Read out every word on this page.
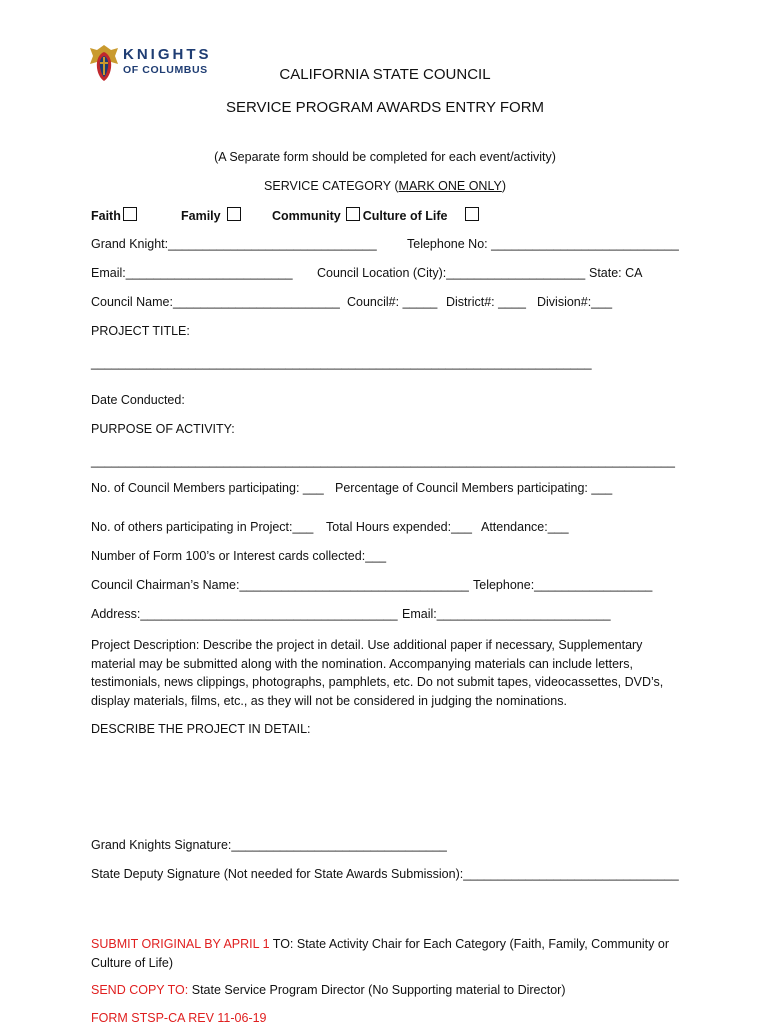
KNIGHTS
OF COLUMBUS	CALIFORNIA STATE COUNCIL
SERVICE PROGRAM AWARDS ENTRY FORM
(A Separate form should be completed for each event/activity)
SERVICE CATEGORY (MARK ONE ONLY)
Faith	Family	Community Culture of Life
Grand Knight:______________________________ Telephone No: ___________________________
Email:________________________ Council Location (City):____________________ State: CA
Council Name:________________________ Council#: _____ District#: ____ Division#:___
PROJECT TITLE:
________________________________________________________________________
Date Conducted:
PURPOSE OF ACTIVITY:
____________________________________________________________________________________
No. of Council Members participating: ___ Percentage of Council Members participating: ___
No. of others participating in Project:___ Total Hours expended:___ Attendance:___
Number of Form 100’s or Interest cards collected:___
Council Chairman’s Name:_________________________________ Telephone:_________________
Address:_____________________________________ Email:_________________________
Project Description: Describe the project in detail. Use additional paper if necessary, Supplementary material may be submitted along with the nomination. Accompanying materials can include letters, testimonials, news clippings, photographs, pamphlets, etc. Do not submit tapes, videocassettes, DVD’s, display materials, films, etc., as they will not be considered in judging the nominations.
DESCRIBE THE PROJECT IN DETAIL:
Grand Knights Signature:_______________________________
State Deputy Signature (Not needed for State Awards Submission):_______________________________
SUBMIT ORIGINAL BY APRIL 1 TO: State Activity Chair for Each Category (Faith, Family, Community or Culture of Life)
SEND COPY TO: State Service Program Director (No Supporting material to Director)
FORM STSP-CA REV 11-06-19
